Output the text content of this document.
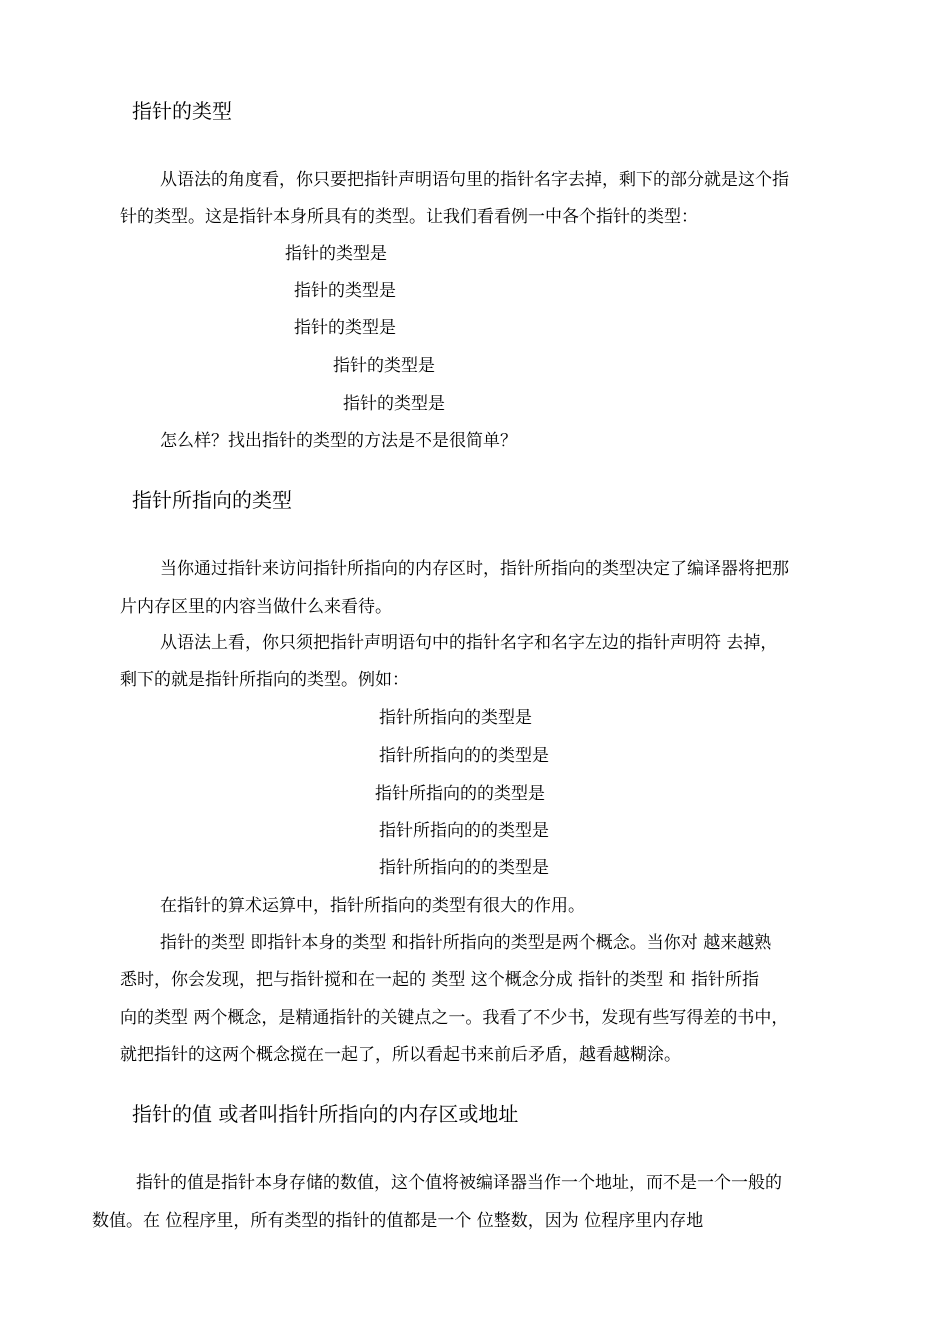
指针的类型
从语法的角度看，你只要把指针声明语句里的指针名字去掉，剩下的部分就是这个指
针的类型。这是指针本身所具有的类型。让我们看看例一中各个指针的类型：
指针的类型是
指针的类型是
指针的类型是
指针的类型是
指针的类型是
怎么样？找出指针的类型的方法是不是很简单？
指针所指向的类型
当你通过指针来访问指针所指向的内存区时，指针所指向的类型决定了编译器将把那
片内存区里的内容当做什么来看待。
从语法上看，你只须把指针声明语句中的指针名字和名字左边的指针声明符 去掉，
剩下的就是指针所指向的类型。例如：
指针所指向的类型是
指针所指向的的类型是
指针所指向的的类型是
指针所指向的的类型是
指针所指向的的类型是
在指针的算术运算中，指针所指向的类型有很大的作用。
指针的类型 即指针本身的类型 和指针所指向的类型是两个概念。当你对 越来越熟
悉时，你会发现，把与指针搅和在一起的 类型 这个概念分成 指针的类型 和 指针所指
向的类型 两个概念，是精通指针的关键点之一。我看了不少书，发现有些写得差的书中，
就把指针的这两个概念搅在一起了，所以看起书来前后矛盾，越看越糊涂。
指针的值 或者叫指针所指向的内存区或地址
指针的值是指针本身存储的数值，这个值将被编译器当作一个地址，而不是一个一般的
数值。在 位程序里，所有类型的指针的值都是一个 位整数，因为 位程序里内存地
